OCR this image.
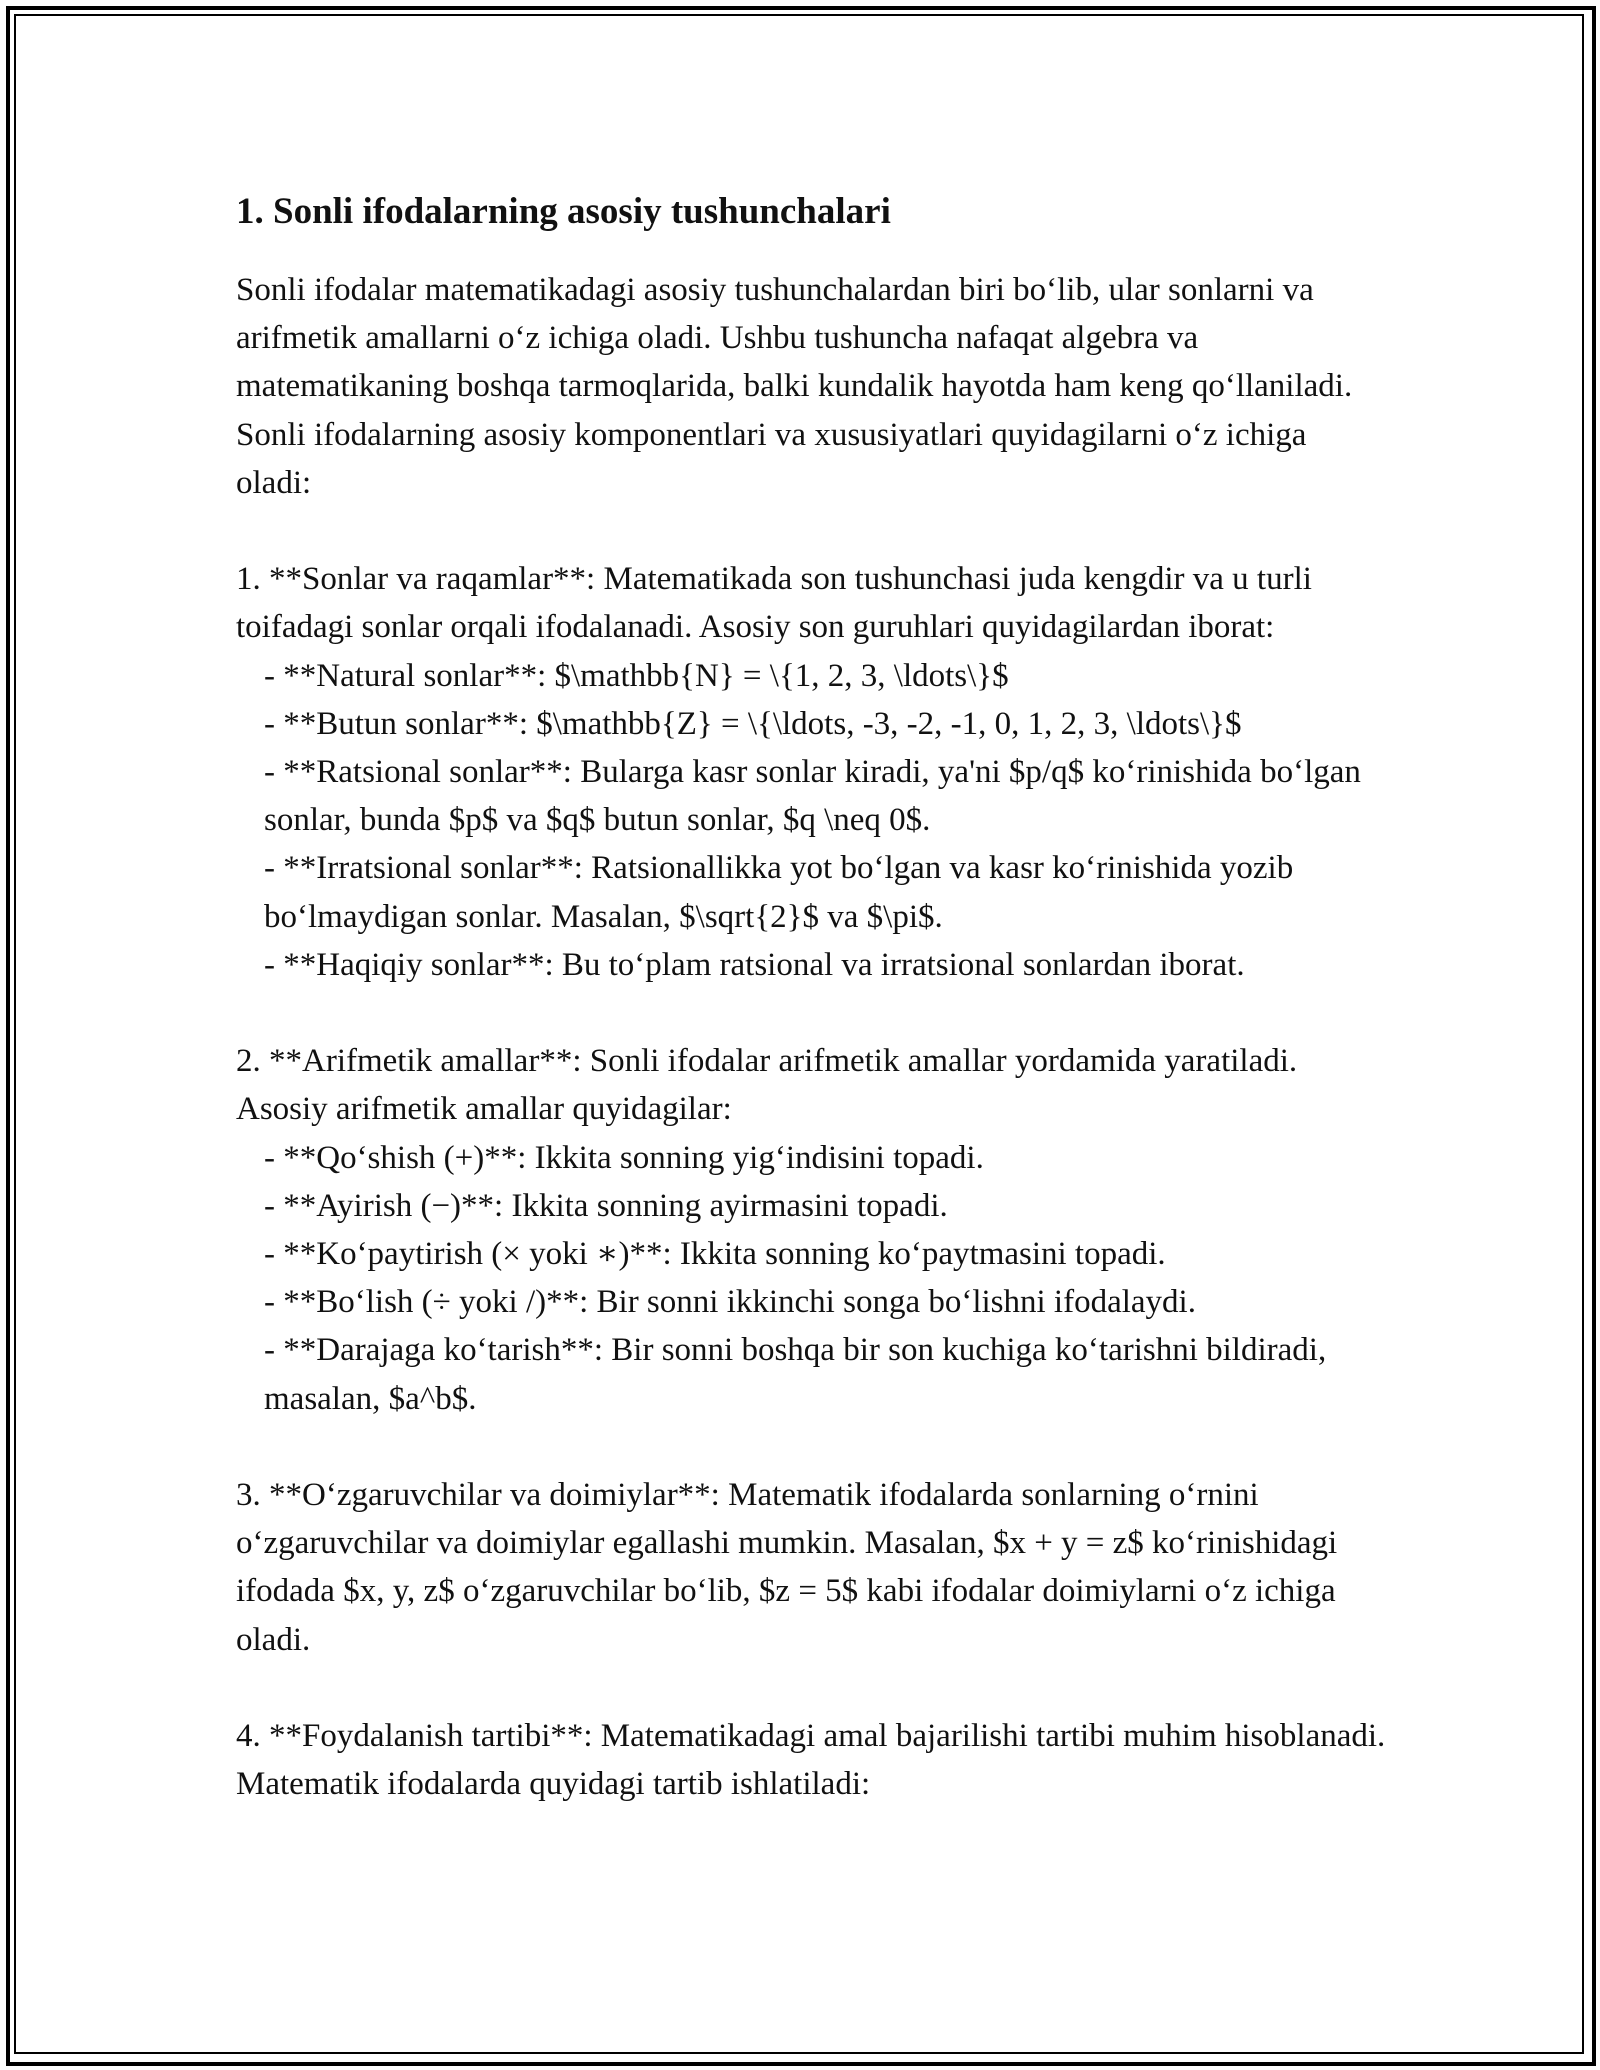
1. Sonli ifodalarning asosiy tushunchalari

Sonli ifodalar matematikadagi asosiy tushunchalardan biri bo‘lib, ular sonlarni va arifmetik amallarni o‘z ichiga oladi. Ushbu tushuncha nafaqat algebra va matematikaning boshqa tarmoqlarida, balki kundalik hayotda ham keng qo‘llaniladi. Sonli ifodalarning asosiy komponentlari va xususiyatlari quyidagilarni o‘z ichiga oladi:

1. **Sonlar va raqamlar**: Matematikada son tushunchasi juda kengdir va u turli toifadagi sonlar orqali ifodalanadi. Asosiy son guruhlari quyidagilardan iborat:

- **Natural sonlar**: $\mathbb{N} = \{1, 2, 3, \ldots\}$

- **Butun sonlar**: $\mathbb{Z} = \{\ldots, -3, -2, -1, 0, 1, 2, 3, \ldots\}$

- **Ratsional sonlar**: Bularga kasr sonlar kiradi, ya'ni $p/q$ ko‘rinishida bo‘lgan sonlar, bunda $p$ va $q$ butun sonlar, $q \neq 0$.

- **Irratsional sonlar**: Ratsionallikka yot bo‘lgan va kasr ko‘rinishida yozib bo‘lmaydigan sonlar. Masalan, $\sqrt{2}$ va $\pi$.

- **Haqiqiy sonlar**: Bu to‘plam ratsional va irratsional sonlardan iborat.

2. **Arifmetik amallar**: Sonli ifodalar arifmetik amallar yordamida yaratiladi. Asosiy arifmetik amallar quyidagilar:

- **Qo‘shish (+)**: Ikkita sonning yig‘indisini topadi.

- **Ayirish (−)**: Ikkita sonning ayirmasini topadi.

- **Ko‘paytirish (× yoki ∗)**: Ikkita sonning ko‘paytmasini topadi.

- **Bo‘lish (÷ yoki /)**: Bir sonni ikkinchi songa bo‘lishni ifodalaydi.

- **Darajaga ko‘tarish**: Bir sonni boshqa bir son kuchiga ko‘tarishni bildiradi, masalan, $a^b$.

3. **O‘zgaruvchilar va doimiylar**: Matematik ifodalarda sonlarning o‘rnini o‘zgaruvchilar va doimiylar egallashi mumkin. Masalan, $x + y = z$ ko‘rinishidagi ifodada $x, y, z$ o‘zgaruvchilar bo‘lib, $z = 5$ kabi ifodalar doimiylarni o‘z ichiga oladi.

4. **Foydalanish tartibi**: Matematikadagi amal bajarilishi tartibi muhim hisoblanadi. Matematik ifodalarda quyidagi tartib ishlatiladi:
